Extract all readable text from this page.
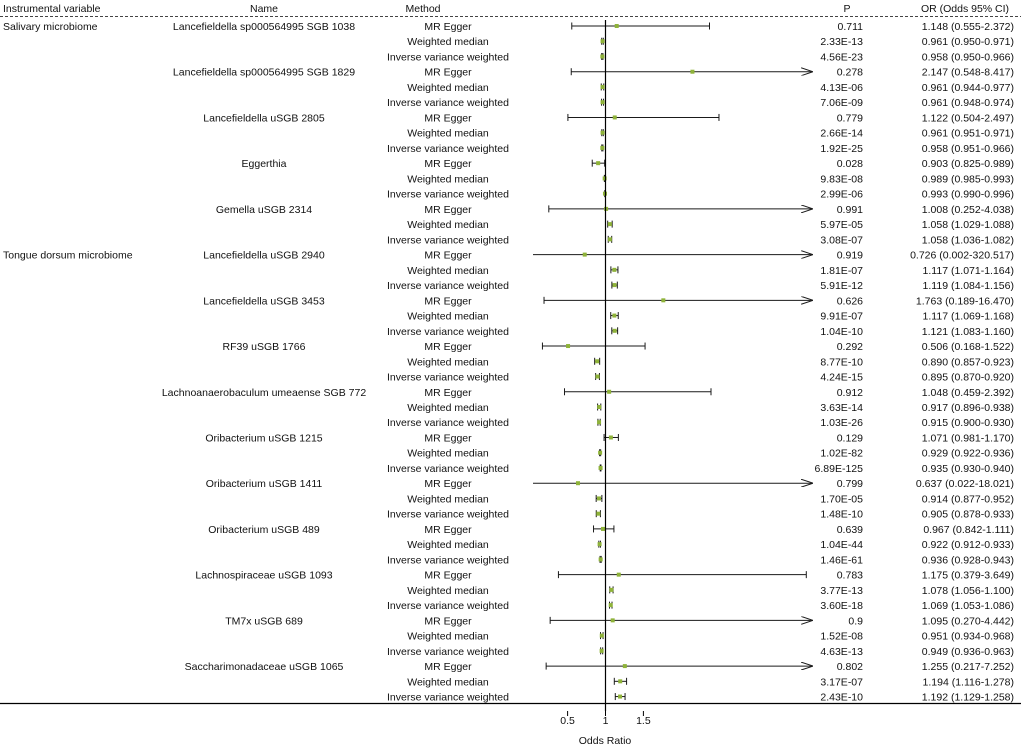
Instrumental variable	Name	Method	P	OR (Odds 95% CI)
Salivary microbiome	Lancefieldella sp000564995 SGB 1038	MR Egger	0.711	1.148 (0.555-2.372)
Weighted median	2.33E-13	0.961 (0.950-0.971)
Inverse variance weighted	4.56E-23	0.958 (0.950-0.966)
Lancefieldella sp000564995 SGB 1829	MR Egger	0.278	2.147 (0.548-8.417)
Weighted median	4.13E-06	0.961 (0.944-0.977)
Inverse variance weighted	7.06E-09	0.961 (0.948-0.974)
Lancefieldella uSGB 2805	MR Egger	0.779	1.122 (0.504-2.497)
Weighted median	2.66E-14	0.961 (0.951-0.971)
Inverse variance weighted	1.92E-25	0.958 (0.951-0.966)
Eggerthia	MR Egger	0.028	0.903 (0.825-0.989)
Weighted median	9.83E-08	0.989 (0.985-0.993)
Inverse variance weighted	2.99E-06	0.993 (0.990-0.996)
Gemella uSGB 2314	MR Egger	0.991	1.008 (0.252-4.038)
Weighted median	5.97E-05	1.058 (1.029-1.088)
Inverse variance weighted	3.08E-07	1.058 (1.036-1.082)
Tongue dorsum microbiome	Lancefieldella uSGB 2940	MR Egger	0.919	0.726 (0.002-320.517)
Weighted median	1.81E-07	1.117 (1.071-1.164)
Inverse variance weighted	5.91E-12	1.119 (1.084-1.156)
Lancefieldella uSGB 3453	MR Egger	0.626	1.763 (0.189-16.470)
Weighted median	9.91E-07	1.117 (1.069-1.168)
Inverse variance weighted	1.04E-10	1.121 (1.083-1.160)
RF39 uSGB 1766	MR Egger	0.292	0.506 (0.168-1.522)
Weighted median	8.77E-10	0.890 (0.857-0.923)
Inverse variance weighted	4.24E-15	0.895 (0.870-0.920)
Lachnoanaerobaculum umeaense SGB 772	MR Egger	0.912	1.048 (0.459-2.392)
Weighted median	3.63E-14	0.917 (0.896-0.938)
Inverse variance weighted	1.03E-26	0.915 (0.900-0.930)
Oribacterium uSGB 1215	MR Egger	0.129	1.071 (0.981-1.170)
Weighted median	1.02E-82	0.929 (0.922-0.936)
Inverse variance weighted	6.89E-125	0.935 (0.930-0.940)
Oribacterium uSGB 1411	MR Egger	0.799	0.637 (0.022-18.021)
Weighted median	1.70E-05	0.914 (0.877-0.952)
Inverse variance weighted	1.48E-10	0.905 (0.878-0.933)
Oribacterium uSGB 489	MR Egger	0.639	0.967 (0.842-1.111)
Weighted median	1.04E-44	0.922 (0.912-0.933)
Inverse variance weighted	1.46E-61	0.936 (0.928-0.943)
Lachnospiraceae uSGB 1093	MR Egger	0.783	1.175 (0.379-3.649)
Weighted median	3.77E-13	1.078 (1.056-1.100)
Inverse variance weighted	3.60E-18	1.069 (1.053-1.086)
TM7x uSGB 689	MR Egger	0.9	1.095 (0.270-4.442)
Weighted median	1.52E-08	0.951 (0.934-0.968)
Inverse variance weighted	4.63E-13	0.949 (0.936-0.963)
Saccharimonadaceae uSGB 1065	MR Egger	0.802	1.255 (0.217-7.252)
Weighted median	3.17E-07	1.194 (1.116-1.278)
Inverse variance weighted	2.43E-10	1.192 (1.129-1.258)
0.5	1	1.5
Odds Ratio
